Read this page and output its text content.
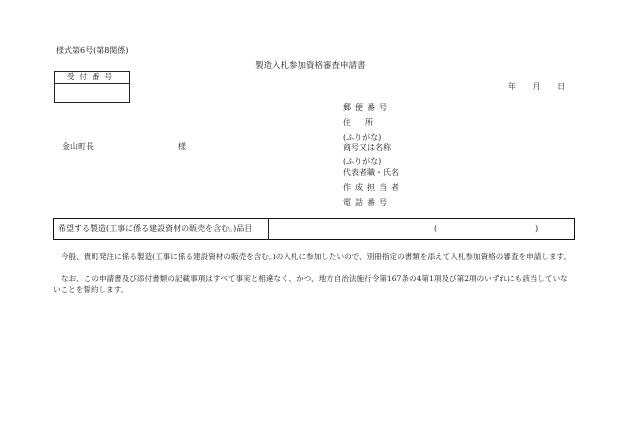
様式第6号(第8関係)
製造入札参加資格審査申請書
受付番号
年 月 日
郵便番号
住所
(ふりがな)
商号又は名称
金山町長	様
(ふりがな)
代表者職・氏名
作成担当者
電話番号
希望する製造(工事に係る建設資材の販売を含む。)品目	(	)
今般、貴町発注に係る製造(工事に係る建設資材の販売を含む。)の入札に参加したいので、別冊指定の書類を添えて入札参加資格の審査を申請します。
なお、この申請書及び添付書類の記載事項はすべて事実と相違なく、かつ、地方自治法施行令第167条の4第1項及び第2項のいずれにも該当していないことを誓約します。
